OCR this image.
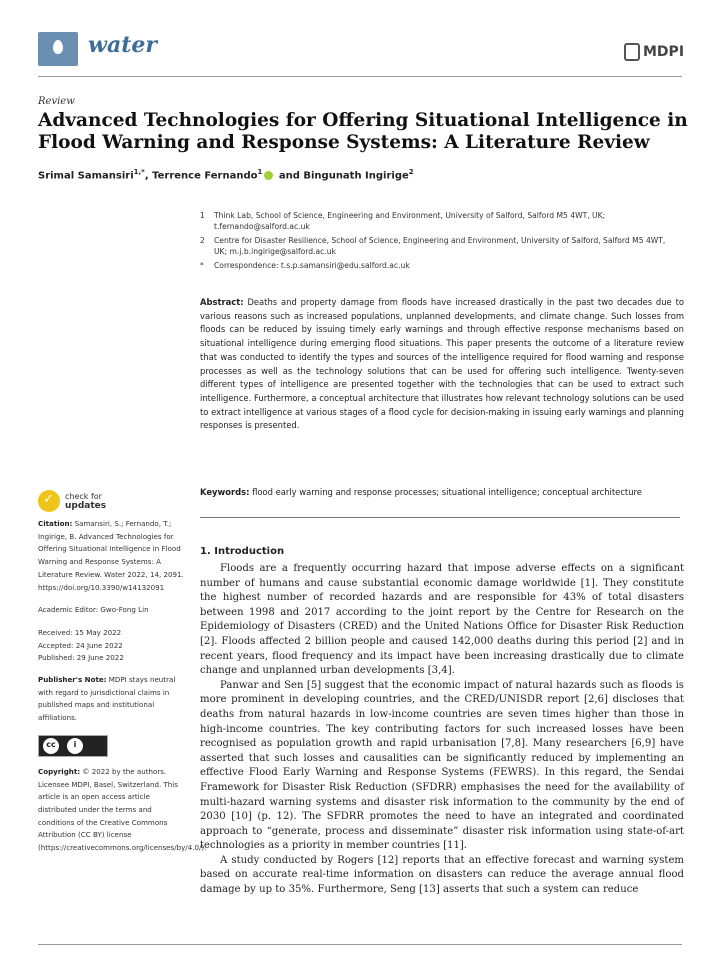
water	MDPI
Review
Advanced Technologies for Offering Situational Intelligence in Flood Warning and Response Systems: A Literature Review
Srimal Samansiri$^{1,*}$, Terrence Fernando$^1$ and Bingunath Ingirige$^2$
1	Think Lab, School of Science, Engineering and Environment, University of Salford, Salford M5 4WT, UK; t.fernando@salford.ac.uk
2	Centre for Disaster Resilience, School of Science, Engineering and Environment, University of Salford, Salford M5 4WT, UK; m.j.b.ingirige@salford.ac.uk
*	Correspondence: t.s.p.samansiri@edu.salford.ac.uk
Abstract: Deaths and property damage from floods have increased drastically in the past two decades due to various reasons such as increased populations, unplanned developments, and climate change. Such losses from floods can be reduced by issuing timely early warnings and through effective response mechanisms based on situational intelligence during emerging flood situations. This paper presents the outcome of a literature review that was conducted to identify the types and sources of the intelligence required for flood warning and response processes as well as the technology solutions that can be used for offering such intelligence. Twenty-seven different types of intelligence are presented together with the technologies that can be used to extract such intelligence. Furthermore, a conceptual architecture that illustrates how relevant technology solutions can be used to extract intelligence at various stages of a flood cycle for decision-making in issuing early warnings and planning responses is presented.
Keywords: flood early warning and response processes; situational intelligence; conceptual architecture
✓
check for
updates

Citation: Samansiri, S.; Fernando, T.; Ingirige, B. Advanced Technologies for Offering Situational Intelligence in Flood Warning and Response Systems: A Literature Review. Water 2022, 14, 2091. https://doi.org/10.3390/w14132091

Academic Editor: Gwo-Fong Lin

Received: 15 May 2022
Accepted: 24 June 2022
Published: 29 June 2022

Publisher's Note: MDPI stays neutral with regard to jurisdictional claims in published maps and institutional affiliations.

cc	i

Copyright: © 2022 by the authors. Licensee MDPI, Basel, Switzerland. This article is an open access article distributed under the terms and conditions of the Creative Commons Attribution (CC BY) license (https://creativecommons.org/licenses/by/4.0/).

1. Introduction

Floods are a frequently occurring hazard that impose adverse effects on a significant number of humans and cause substantial economic damage worldwide [1]. They constitute the highest number of recorded hazards and are responsible for 43% of total disasters between 1998 and 2017 according to the joint report by the Centre for Research on the Epidemiology of Disasters (CRED) and the United Nations Office for Disaster Risk Reduction [2]. Floods affected 2 billion people and caused 142,000 deaths during this period [2] and in recent years, flood frequency and its impact have been increasing drastically due to climate change and unplanned urban developments [3,4].

Panwar and Sen [5] suggest that the economic impact of natural hazards such as floods is more prominent in developing countries, and the CRED/UNISDR report [2,6] discloses that deaths from natural hazards in low-income countries are seven times higher than those in high-income countries. The key contributing factors for such increased losses have been recognised as population growth and rapid urbanisation [7,8]. Many researchers [6,9] have asserted that such losses and causalities can be significantly reduced by implementing an effective Flood Early Warning and Response Systems (FEWRS). In this regard, the Sendai Framework for Disaster Risk Reduction (SFDRR) emphasises the need for the availability of multi-hazard warning systems and disaster risk information to the community by the end of 2030 [10] (p. 12). The SFDRR promotes the need to have an integrated and coordinated approach to “generate, process and disseminate” disaster risk information using state-of-art technologies as a priority in member countries [11].

A study conducted by Rogers [12] reports that an effective forecast and warning system based on accurate real-time information on disasters can reduce the average annual flood damage by up to 35%. Furthermore, Seng [13] asserts that such a system can reduce
